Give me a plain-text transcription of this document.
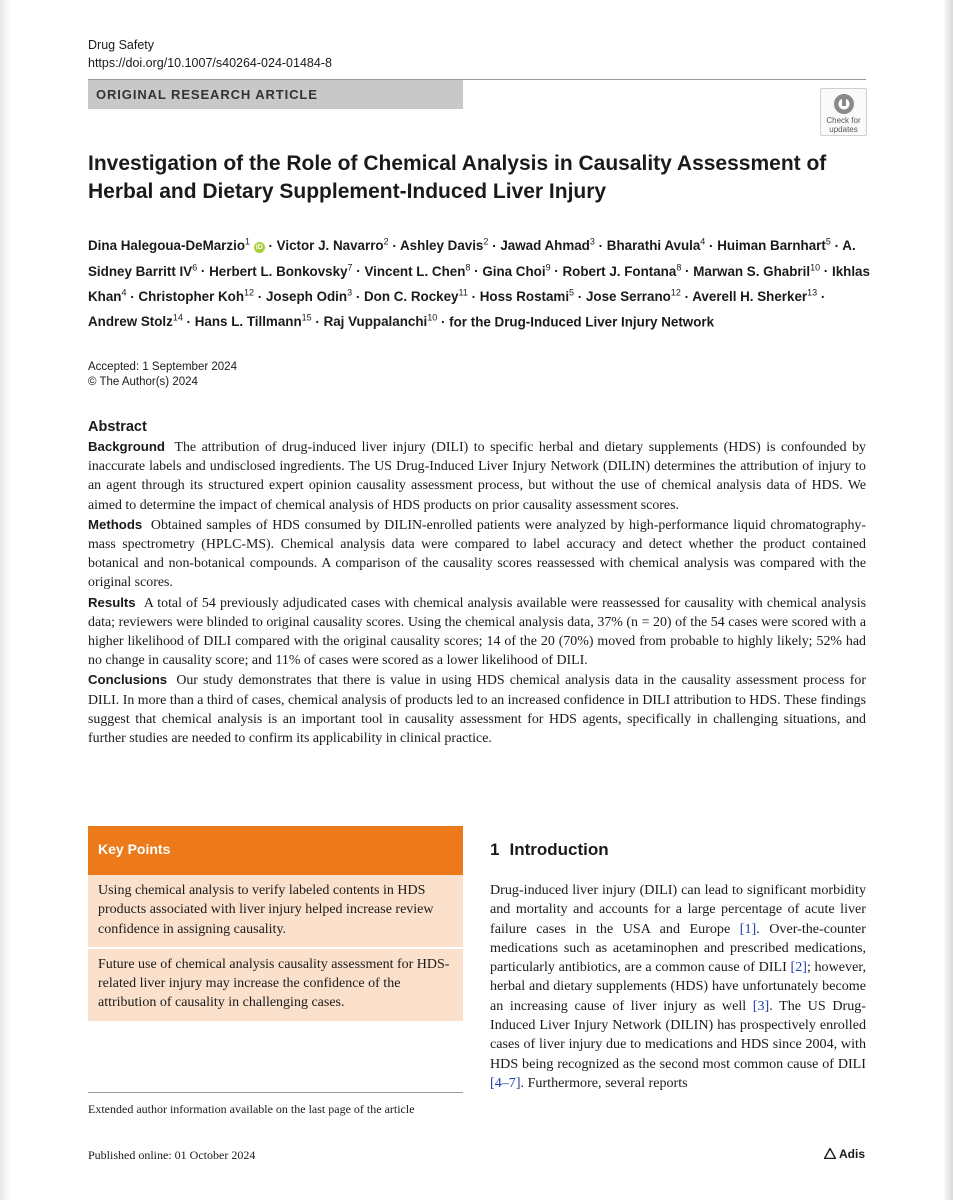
Drug Safety
https://doi.org/10.1007/s40264-024-01484-8
ORIGINAL RESEARCH ARTICLE
Check for
updates
Investigation of the Role of Chemical Analysis in Causality Assessment of Herbal and Dietary Supplement-Induced Liver Injury
Dina Halegoua-DeMarzio$^1$ iD · Victor J. Navarro$^2$ · Ashley Davis$^2$ · Jawad Ahmad$^3$ · Bharathi Avula$^4$ · Huiman Barnhart$^5$ · A. Sidney Barritt $IV^6$ · Herbert L. Bonkovsky$^7$ · Vincent L. Chen$^8$ · Gina Choi$^9$ · Robert J. Fontana$^8$ · Marwan S. Ghabril$^{10}$ · Ikhlas Khan$^4$ · Christopher Koh$^{12}$ · Joseph Odin$^3$ · Don C. Rockey$^{11}$ · Hoss Rostami$^5$ · Jose Serrano$^{12}$ · Averell H. Sherker$^{13}$ · Andrew Stolz$^{14}$ · Hans L. Tillmann$^{15}$ · Raj Vuppalanchi$^{10}$ · for the Drug-Induced Liver Injury Network
Accepted: 1 September 2024
© The Author(s) 2024
Abstract

Background The attribution of drug-induced liver injury (DILI) to specific herbal and dietary supplements (HDS) is confounded by inaccurate labels and undisclosed ingredients. The US Drug-Induced Liver Injury Network (DILIN) determines the attribution of injury to an agent through its structured expert opinion causality assessment process, but without the use of chemical analysis data of HDS. We aimed to determine the impact of chemical analysis of HDS products on prior causality assessment scores.

Methods Obtained samples of HDS consumed by DILIN-enrolled patients were analyzed by high-performance liquid chromatography-mass spectrometry (HPLC-MS). Chemical analysis data were compared to label accuracy and detect whether the product contained botanical and non-botanical compounds. A comparison of the causality scores reassessed with chemical analysis was compared with the original scores.

Results A total of 54 previously adjudicated cases with chemical analysis available were reassessed for causality with chemical analysis data; reviewers were blinded to original causality scores. Using the chemical analysis data, 37% (n = 20) of the 54 cases were scored with a higher likelihood of DILI compared with the original causality scores; 14 of the 20 (70%) moved from probable to highly likely; 52% had no change in causality score; and 11% of cases were scored as a lower likelihood of DILI.

Conclusions Our study demonstrates that there is value in using HDS chemical analysis data in the causality assessment process for DILI. In more than a third of cases, chemical analysis of products led to an increased confidence in DILI attribution to HDS. These findings suggest that chemical analysis is an important tool in causality assessment for HDS agents, specifically in challenging situations, and further studies are needed to confirm its applicability in clinical practice.

Key Points
Using chemical analysis to verify labeled contents in HDS products associated with liver injury helped increase review confidence in assigning causality.
Future use of chemical analysis causality assessment for HDS-related liver injury may increase the confidence of the attribution of causality in challenging cases.
1 Introduction

Drug-induced liver injury (DILI) can lead to significant morbidity and mortality and accounts for a large percentage of acute liver failure cases in the USA and Europe [1]. Over-the-counter medications such as acetaminophen and prescribed medications, particularly antibiotics, are a common cause of DILI [2]; however, herbal and dietary supplements (HDS) have unfortunately become an increasing cause of liver injury as well [3]. The US Drug-Induced Liver Injury Network (DILIN) has prospectively enrolled cases of liver injury due to medications and HDS since 2004, with HDS being recognized as the second most common cause of DILI [4–7]. Furthermore, several reports

Extended author information available on the last page of the article
Published online: 01 October 2024	Adis
